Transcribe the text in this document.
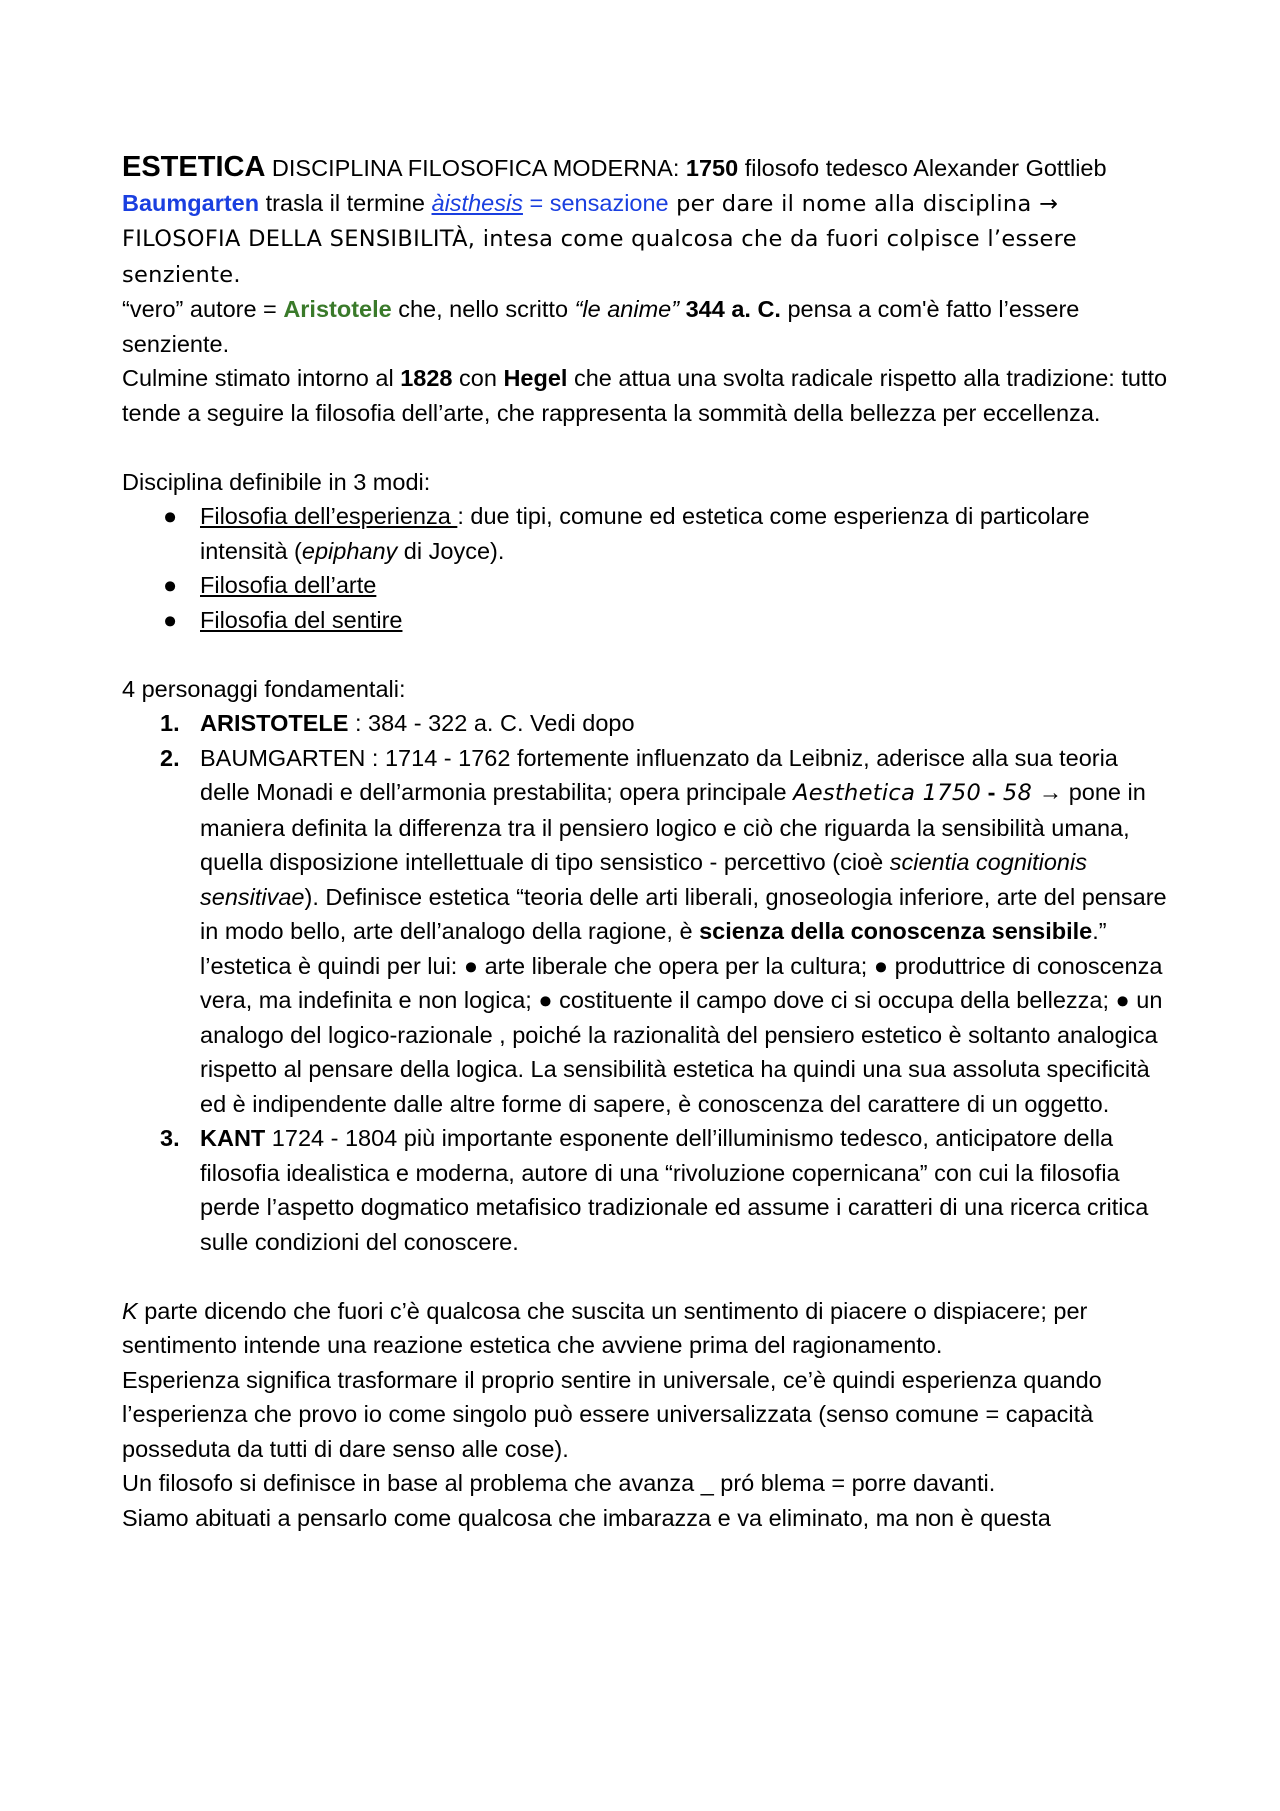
ESTETICA DISCIPLINA FILOSOFICA MODERNA: 1750 filosofo tedesco Alexander Gottlieb Baumgarten trasla il termine àisthesis = sensazione per dare il nome alla disciplina → FILOSOFIA DELLA SENSIBILITÀ, intesa come qualcosa che da fuori colpisce l’essere senziente.

“vero” autore = Aristotele che, nello scritto “le anime” 344 a. C. pensa a com'è fatto l’essere senziente.

Culmine stimato intorno al 1828 con Hegel che attua una svolta radicale rispetto alla tradizione: tutto tende a seguire la filosofia dell’arte, che rappresenta la sommità della bellezza per eccellenza.

Disciplina definibile in 3 modi:

● Filosofia dell’esperienza : due tipi, comune ed estetica come esperienza di particolare intensità (epiphany di Joyce).
● Filosofia dell’arte
● Filosofia del sentire

4 personaggi fondamentali:

1. ARISTOTELE : 384 - 322 a. C. Vedi dopo
2. BAUMGARTEN : 1714 - 1762 fortemente influenzato da Leibniz, aderisce alla sua teoria delle Monadi e dell’armonia prestabilita; opera principale Aesthetica 1750 - 58 → pone in maniera definita la differenza tra il pensiero logico e ciò che riguarda la sensibilità umana, quella disposizione intellettuale di tipo sensistico - percettivo (cioè scientia cognitionis sensitivae). Definisce estetica “teoria delle arti liberali, gnoseologia inferiore, arte del pensare in modo bello, arte dell’analogo della ragione, è scienza della conoscenza sensibile.” l’estetica è quindi per lui: ● arte liberale che opera per la cultura; ● produttrice di conoscenza vera, ma indefinita e non logica; ● costituente il campo dove ci si occupa della bellezza; ● un analogo del logico-razionale , poiché la razionalità del pensiero estetico è soltanto analogica rispetto al pensare della logica. La sensibilità estetica ha quindi una sua assoluta specificità ed è indipendente dalle altre forme di sapere, è conoscenza del carattere di un oggetto.
3. KANT 1724 - 1804 più importante esponente dell’illuminismo tedesco, anticipatore della filosofia idealistica e moderna, autore di una “rivoluzione copernicana” con cui la filosofia perde l’aspetto dogmatico metafisico tradizionale ed assume i caratteri di una ricerca critica sulle condizioni del conoscere.

K parte dicendo che fuori c’è qualcosa che suscita un sentimento di piacere o dispiacere; per sentimento intende una reazione estetica che avviene prima del ragionamento.

Esperienza significa trasformare il proprio sentire in universale, ce’è quindi esperienza quando l’esperienza che provo io come singolo può essere universalizzata (senso comune = capacità posseduta da tutti di dare senso alle cose).

Un filosofo si definisce in base al problema che avanza _ pró blema = porre davanti.

Siamo abituati a pensarlo come qualcosa che imbarazza e va eliminato, ma non è questa
